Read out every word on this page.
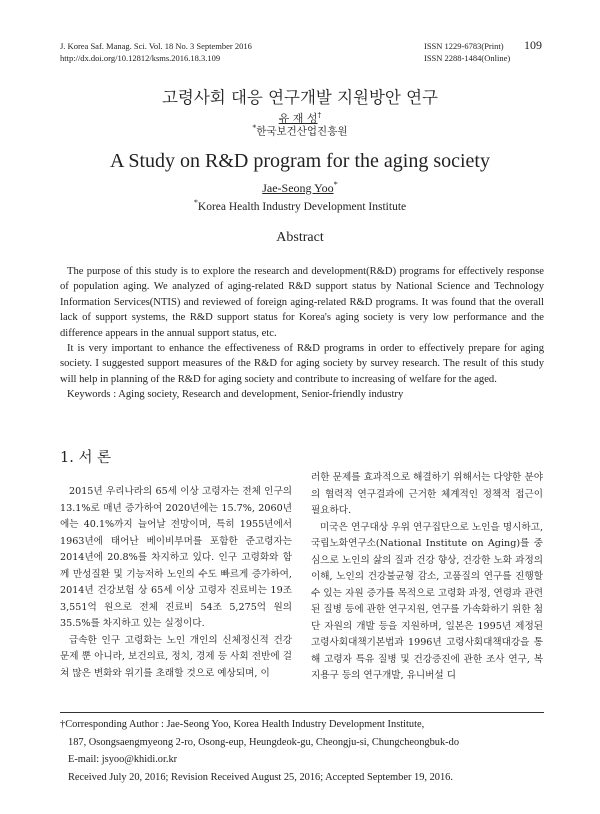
J. Korea Saf. Manag. Sci. Vol. 18 No. 3 September 2016
http://dx.doi.org/10.12812/ksms.2016.18.3.109
ISSN 1229-6783(Print)
ISSN 2288-1484(Online)
109
고령사회 대응 연구개발 지원방안 연구
유 재 성†
*한국보건산업진흥원
A Study on R&D program for the aging society
Jae-Seong Yoo*
*Korea Health Industry Development Institute
Abstract

The purpose of this study is to explore the research and development(R&D) programs for effectively response of population aging. We analyzed of aging-related R&D support status by National Science and Technology Information Services(NTIS) and reviewed of foreign aging-related R&D programs. It was found that the overall lack of support systems, the R&D support status for Korea's aging society is very low performance and the difference appears in the annual support status, etc.

It is very important to enhance the effectiveness of R&D programs in order to effectively prepare for aging society. I suggested support measures of the R&D for aging society by survey research. The result of this study will help in planning of the R&D for aging society and contribute to increasing of welfare for the aged.

Keywords : Aging society, Research and development, Senior-friendly industry

1. 서 론

2015년 우리나라의 65세 이상 고령자는 전체 인구의 13.1%로 매년 증가하여 2020년에는 15.7%, 2060년에는 40.1%까지 늘어날 전망이며, 특히 1955년에서 1963년에 태어난 베이비부머를 포함한 준고령자는 2014년에 20.8%를 차지하고 있다. 인구 고령화와 함께 만성질환 및 기능저하 노인의 수도 빠르게 증가하여, 2014년 건강보험 상 65세 이상 고령자 진료비는 19조 3,551억 원으로 전체 진료비 54조 5,275억 원의 35.5%를 차지하고 있는 실정이다.

급속한 인구 고령화는 노인 개인의 신체정신적 건강 문제 뿐 아니라, 보건의료, 정치, 경제 등 사회 전반에 걸쳐 많은 변화와 위기를 초래할 것으로 예상되며, 이

러한 문제를 효과적으로 해결하기 위해서는 다양한 분야의 협력적 연구결과에 근거한 체계적인 정책적 접근이 필요하다.

미국은 연구대상 우위 연구집단으로 노인을 명시하고, 국립노화연구소(National Institute on Aging)를 중심으로 노인의 삶의 질과 건강 향상, 건강한 노화 과정의 이해, 노인의 건강불균형 감소, 고품질의 연구를 진행할 수 있는 자원 증가를 목적으로 고령화 과정, 연령과 관련된 질병 등에 관한 연구지원, 연구를 가속화하기 위한 첨단 자원의 개발 등을 지원하며, 일본은 1995년 제정된 고령사회대책기본법과 1996년 고령사회대책대강을 통해 고령자 특유 질병 및 건강증진에 관한 조사 연구, 복지용구 등의 연구개발, 유니버설 디

†Corresponding Author : Jae-Seong Yoo, Korea Health Industry Development Institute,
187, Osongsaengmyeong 2-ro, Osong-eup, Heungdeok-gu, Cheongju-si, Chungcheongbuk-do
E-mail: jsyoo@khidi.or.kr
Received July 20, 2016; Revision Received August 25, 2016; Accepted September 19, 2016.
